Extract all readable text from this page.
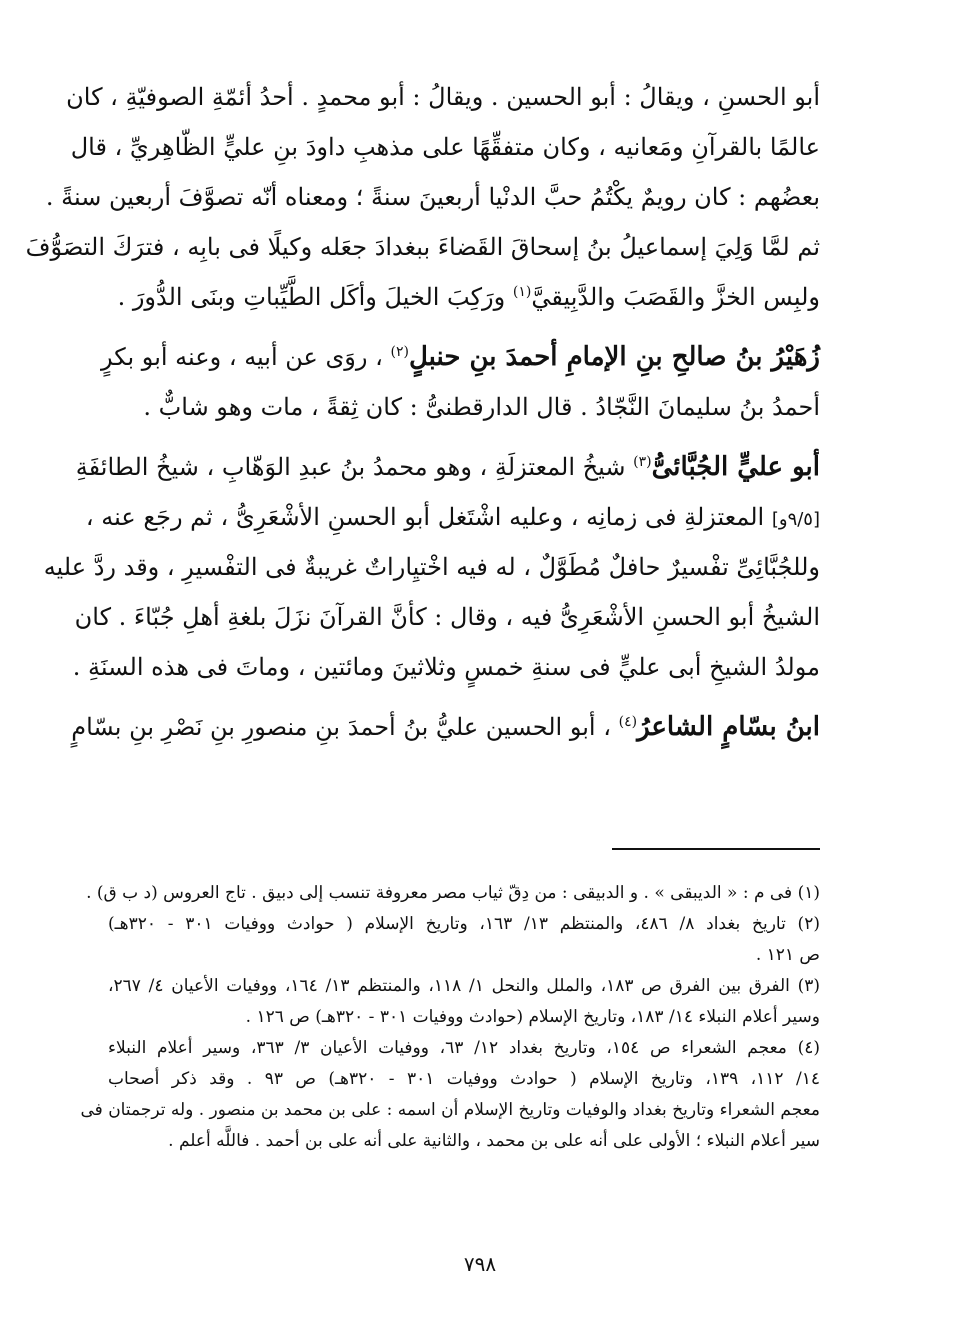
أبو الحسنِ ، ويقالُ : أبو الحسين . ويقالُ : أبو محمدٍ . أحدُ أئمّةِ الصوفيّةِ ، كان
عالمًا بالقرآنِ ومَعانيه ، وكان متفقِّهًا على مذهبِ داودَ بنِ عليٍّ الظّاهِريِّ ، قال
بعضُهم : كان رويمٌ يكْتُمُ حبَّ الدنْيا أربعينَ سنةً ؛ ومعناه أنّه تصوَّفَ أربعين سنةً .
ثم لمَّا وَلِيَ إسماعيلُ بنُ إسحاقَ القَضاءَ ببغدادَ جعَله وكيلًا فى بابِه ، فترَكَ التصَوُّفَ
ولبِس الخزَّ والقَصَبَ والدَّبِيقيَّ$^{(١)}$ ورَكِبَ الخيلَ وأكَل الطَّيِّباتِ وبنَى الدُّورَ .
زُهَيْرُ بنُ صالحِ بنِ الإمامِ أحمدَ بنِ حنبلٍ$^{(٢)}$ ، روَى عن أبيه ، وعنه أبو بكرٍ
أحمدُ بنُ سليمانَ النَّجّادُ . قال الدارقطنىُّ : كان ثِقةً ، مات وهو شابٌّ .
أبو عليٍّ الجُبَّائىُّ$^{(٣)}$ شيخُ المعتزلَةِ ، وهو محمدُ بنُ عبدِ الوَهّابِ ، شيخُ الطائفَةِ
[٩/٥و] المعتزلةِ فى زمانِه ، وعليه اشْتَغل أبو الحسنِ الأشْعَرِىُّ ، ثم رجَع عنه ،
وللجُبَّائِىِّ تفْسيرٌ حافلٌ مُطَوَّلٌ ، له فيه اخْتيِاراتٌ غريبةٌ فى التفْسيرِ ، وقد ردَّ عليه
الشيخُ أبو الحسنِ الأشْعَرِىُّ فيه ، وقال : كأنَّ القرآنَ نزَلَ بلغةِ أهلِ جُبّاءَ . كان
مولدُ الشيخِ أبى عليٍّ فى سنةِ خمسٍ وثلاثينَ ومائتين ، وماتَ فى هذه السنَةِ .
ابنُ بسّامٍ الشاعرُ$^{(٤)}$ ، أبو الحسين عليُّ بنُ أحمدَ بنِ منصورِ بنِ نَصْرِ بنِ بسّامٍ
(١) فى م : « الديبقى » . و الدبيقى : من دِقّ ثياب مصر معروفة تنسب إلى دبيق . تاج العروس (د ب ق) .
(٢) تاريخ بغداد ٨/ ٤٨٦، والمنتظم ١٣/ ١٦٣، وتاريخ الإسلام ( حوادث ووفيات ٣٠١ - ٣٢٠هـ)
ص ١٢١ .
(٣) الفرق بين الفرق ص ١٨٣، والملل والنحل ١/ ١١٨، والمنتظم ١٣/ ١٦٤، ووفيات الأعيان ٤/ ٢٦٧،
وسير أعلام النبلاء ١٤/ ١٨٣، وتاريخ الإسلام (حوادث ووفيات ٣٠١ - ٣٢٠هـ) ص ١٢٦ .
(٤) معجم الشعراء ص ١٥٤، وتاريخ بغداد ١٢/ ٦٣، ووفيات الأعيان ٣/ ٣٦٣، وسير أعلام النبلاء
١٤/ ١١٢، ١٣٩، وتاريخ الإسلام ( حوادث ووفيات ٣٠١ - ٣٢٠هـ) ص ٩٣ . وقد ذكر أصحاب
معجم الشعراء وتاريخ بغداد والوفيات وتاريخ الإسلام أن اسمه : على بن محمد بن منصور . وله ترجمتان فى
سير أعلام النبلاء ؛ الأولى على أنه على بن محمد ، والثانية على أنه على بن أحمد . فاللَّه أعلم .
٧٩٨
